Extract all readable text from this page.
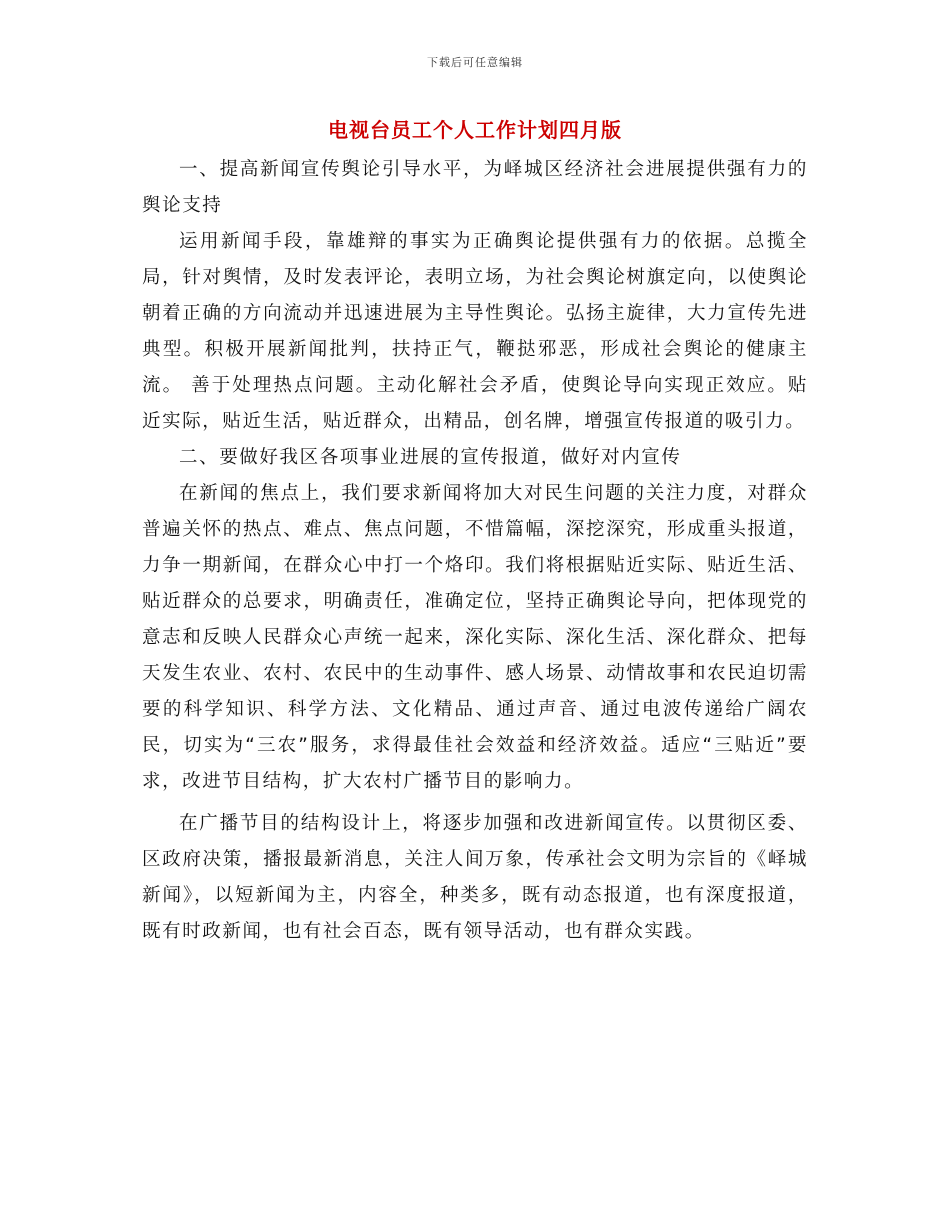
下载后可任意编辑
电视台员工个人工作计划四月版

一、提高新闻宣传舆论引导水平，为峄城区经济社会进展提供强有力的舆论支持

运用新闻手段，靠雄辩的事实为正确舆论提供强有力的依据。总揽全局，针对舆情，及时发表评论，表明立场，为社会舆论树旗定向，以使舆论朝着正确的方向流动并迅速进展为主导性舆论。弘扬主旋律，大力宣传先进典型。积极开展新闻批判，扶持正气，鞭挞邪恶，形成社会舆论的健康主流。 善于处理热点问题。主动化解社会矛盾，使舆论导向实现正效应。贴近实际，贴近生活，贴近群众，出精品，创名牌，增强宣传报道的吸引力。

二、要做好我区各项事业进展的宣传报道，做好对内宣传

在新闻的焦点上，我们要求新闻将加大对民生问题的关注力度，对群众普遍关怀的热点、难点、焦点问题，不惜篇幅，深挖深究，形成重头报道，力争一期新闻，在群众心中打一个烙印。我们将根据贴近实际、贴近生活、贴近群众的总要求，明确责任，准确定位，坚持正确舆论导向，把体现党的意志和反映人民群众心声统一起来，深化实际、深化生活、深化群众、把每天发生农业、农村、农民中的生动事件、感人场景、动情故事和农民迫切需要的科学知识、科学方法、文化精品、通过声音、通过电波传递给广阔农民，切实为“三农”服务，求得最佳社会效益和经济效益。适应“三贴近”要求，改进节目结构，扩大农村广播节目的影响力。

在广播节目的结构设计上，将逐步加强和改进新闻宣传。以贯彻区委、区政府决策，播报最新消息，关注人间万象，传承社会文明为宗旨的《峄城新闻》，以短新闻为主，内容全，种类多，既有动态报道，也有深度报道，既有时政新闻，也有社会百态，既有领导活动，也有群众实践。
